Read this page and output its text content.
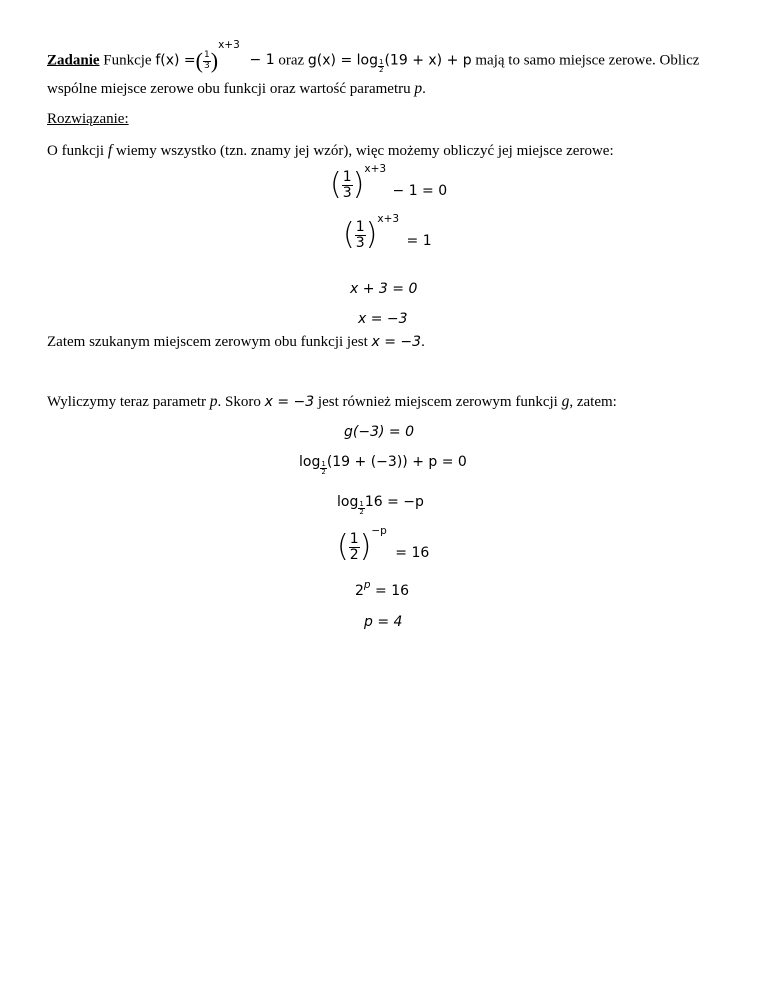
Zadanie Funkcje f(x) =( $\frac{1}{3} )^{x+3} - 1$ oraz $g(x) = \log \frac{1}{2} (19 + x) + p$ mają to samo miejsce zerowe. Oblicz
wspólne miejsce zerowe obu funkcji oraz wartość parametru p.
Rozwiązanie:
O funkcji f wiemy wszystko (tzn. znamy jej wzór), więc możemy obliczyć jej miejsce zerowe:
( $\frac{1}{3} )^{x+3} - 1 = 0$
( $\frac{1}{3} )^{x+3} = 1$
x + 3 = 0
x = −3
Zatem szukanym miejscem zerowym obu funkcji jest x = −3.
Wyliczymy teraz parametr p. Skoro x = −3 jest również miejscem zerowym funkcji g, zatem:
g(−3) = 0
$\log \frac{1}{2} (19 + (-3)) + p = 0$
$\log \frac{1}{2} 16 = -p$
( $\frac{1}{2} )^{-p} = 16$
$2^p = 16$
p = 4
